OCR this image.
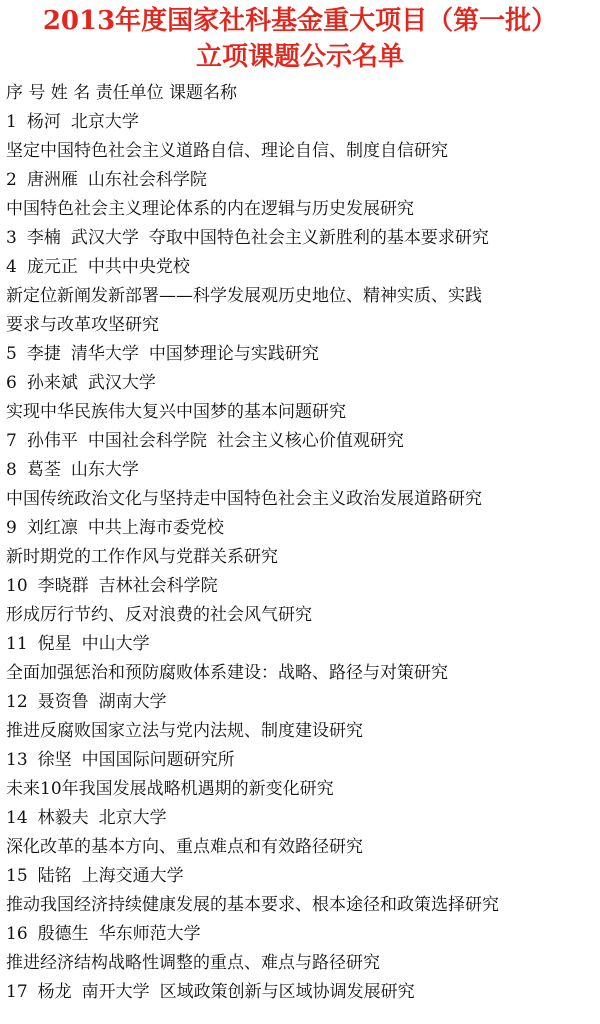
2013年度国家社科基金重大项目（第一批）
立项课题公示名单
序 号 姓 名 责任单位 课题名称
1 杨河 北京大学
坚定中国特色社会主义道路自信、理论自信、制度自信研究
2 唐洲雁 山东社会科学院
中国特色社会主义理论体系的内在逻辑与历史发展研究
3 李楠 武汉大学 夺取中国特色社会主义新胜利的基本要求研究
4 庞元正 中共中央党校
新定位新阐发新部署——科学发展观历史地位、精神实质、实践
要求与改革攻坚研究
5 李捷 清华大学 中国梦理论与实践研究
6 孙来斌 武汉大学
实现中华民族伟大复兴中国梦的基本问题研究
7 孙伟平 中国社会科学院 社会主义核心价值观研究
8 葛荃 山东大学
中国传统政治文化与坚持走中国特色社会主义政治发展道路研究
9 刘红凛 中共上海市委党校
新时期党的工作作风与党群关系研究
10 李晓群 吉林社会科学院
形成厉行节约、反对浪费的社会风气研究
11 倪星 中山大学
全面加强惩治和预防腐败体系建设：战略、路径与对策研究
12 聂资鲁 湖南大学
推进反腐败国家立法与党内法规、制度建设研究
13 徐坚 中国国际问题研究所
未来10年我国发展战略机遇期的新变化研究
14 林毅夫 北京大学
深化改革的基本方向、重点难点和有效路径研究
15 陆铭 上海交通大学
推动我国经济持续健康发展的基本要求、根本途径和政策选择研究
16 殷德生 华东师范大学
推进经济结构战略性调整的重点、难点与路径研究
17 杨龙 南开大学 区域政策创新与区域协调发展研究
